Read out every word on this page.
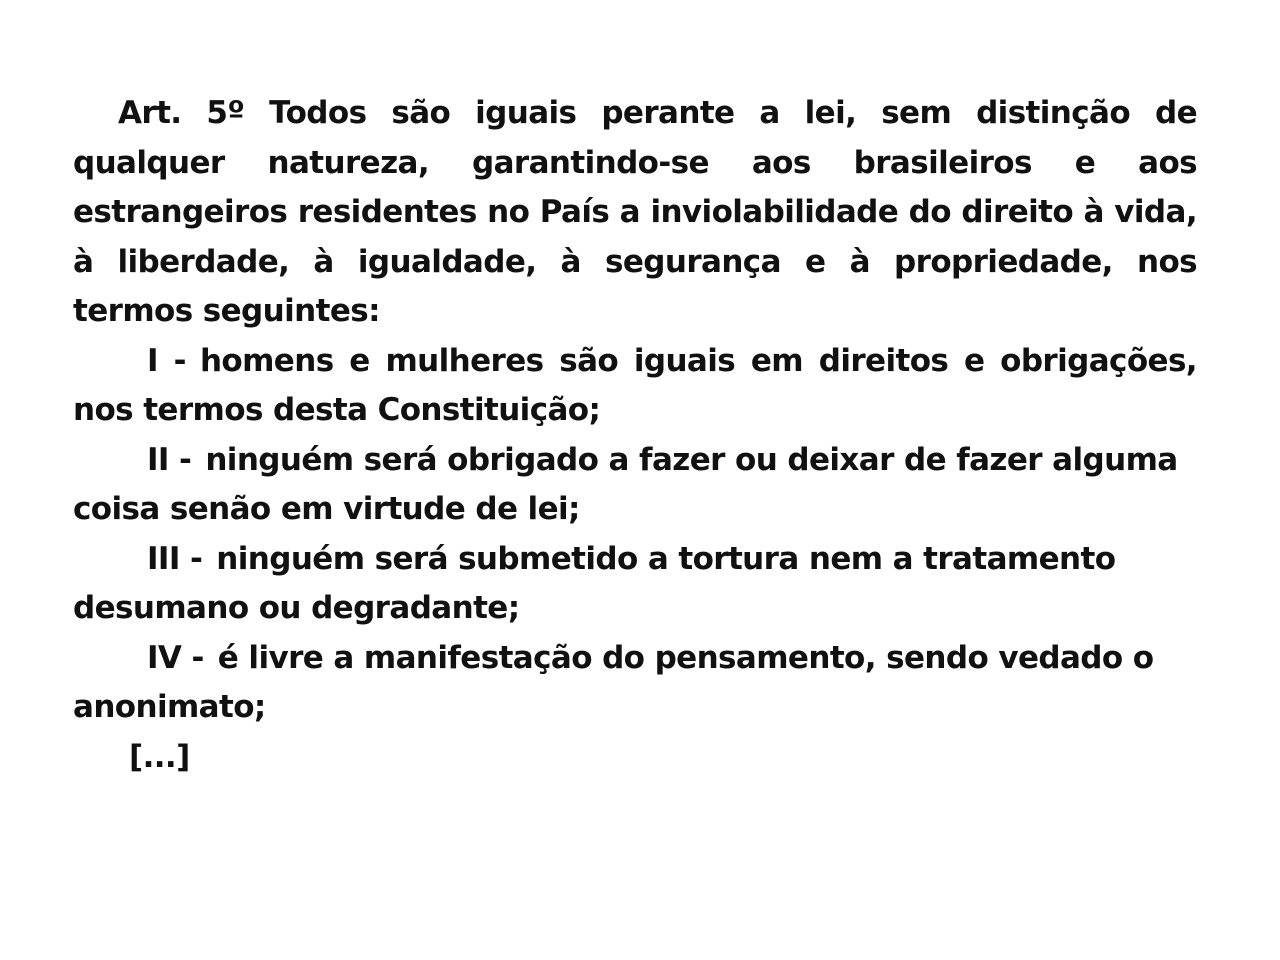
Art. 5º Todos são iguais perante a lei, sem distinção de qualquer natureza, garantindo-se aos brasileiros e aos estrangeiros residentes no País a inviolabilidade do direito à vida, à liberdade, à igualdade, à segurança e à propriedade, nos termos seguintes:

I - homens e mulheres são iguais em direitos e obrigações, nos termos desta Constituição;

II - ninguém será obrigado a fazer ou deixar de fazer alguma coisa senão em virtude de lei;

III - ninguém será submetido a tortura nem a tratamento desumano ou degradante;

IV - é livre a manifestação do pensamento, sendo vedado o anonimato;

[...]
